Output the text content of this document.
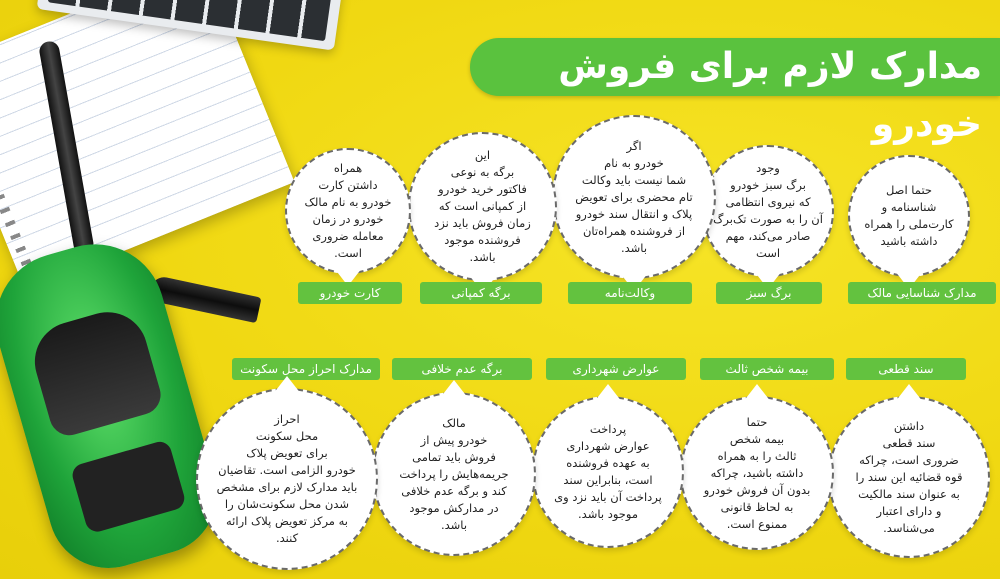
مدارک لازم برای فروش خودرو
حتما اصل
شناسنامه و
کارت‌ملی را همراه
داشته باشید
وجود
برگ سبز خودرو
که نیروی انتظامی
آن را به صورت تک‌برگ
صادر می‌کند، مهم
است
اگر
خودرو به نام
شما نیست باید وکالت
تام محضری برای تعویض
پلاک و انتقال سند خودرو
از فروشنده همراه‌تان
باشد.
این
برگه به نوعی
فاکتور خرید خودرو
از کمپانی است که
زمان فروش باید نزد
فروشنده موجود
باشد.
همراه
داشتن کارت
خودرو به نام مالک
خودرو در زمان
معامله ضروری
است.
مدارک شناسایی مالک
برگ سبز
وکالت‌نامه
برگه کمپانی
کارت خودرو
سند قطعی
بیمه شخص ثالث
عوارض شهرداری
برگه عدم خلافی
مدارک احراز محل سکونت
داشتن
سند قطعی
ضروری است، چراکه
قوه قضائیه این سند را
به عنوان سند مالکیت
و دارای اعتبار
می‌شناسد.
حتما
بیمه شخص
ثالث را به همراه
داشته باشید، چراکه
بدون آن فروش خودرو
به لحاظ قانونی
ممنوع است.
پرداخت
عوارض شهرداری
به عهده فروشنده
است، بنابراین سند
پرداخت آن باید نزد وی
موجود باشد.
مالک
خودرو پیش از
فروش باید تمامی
جریمه‌هایش را پرداخت
کند و برگه عدم خلافی
در مدارکش موجود
باشد.
احراز
محل سکونت
برای تعویض پلاک
خودرو الزامی است. تقاضیان
باید مدارک لازم برای مشخص
شدن محل سکونت‌شان را
به مرکز تعویض پلاک ارائه
کنند.
